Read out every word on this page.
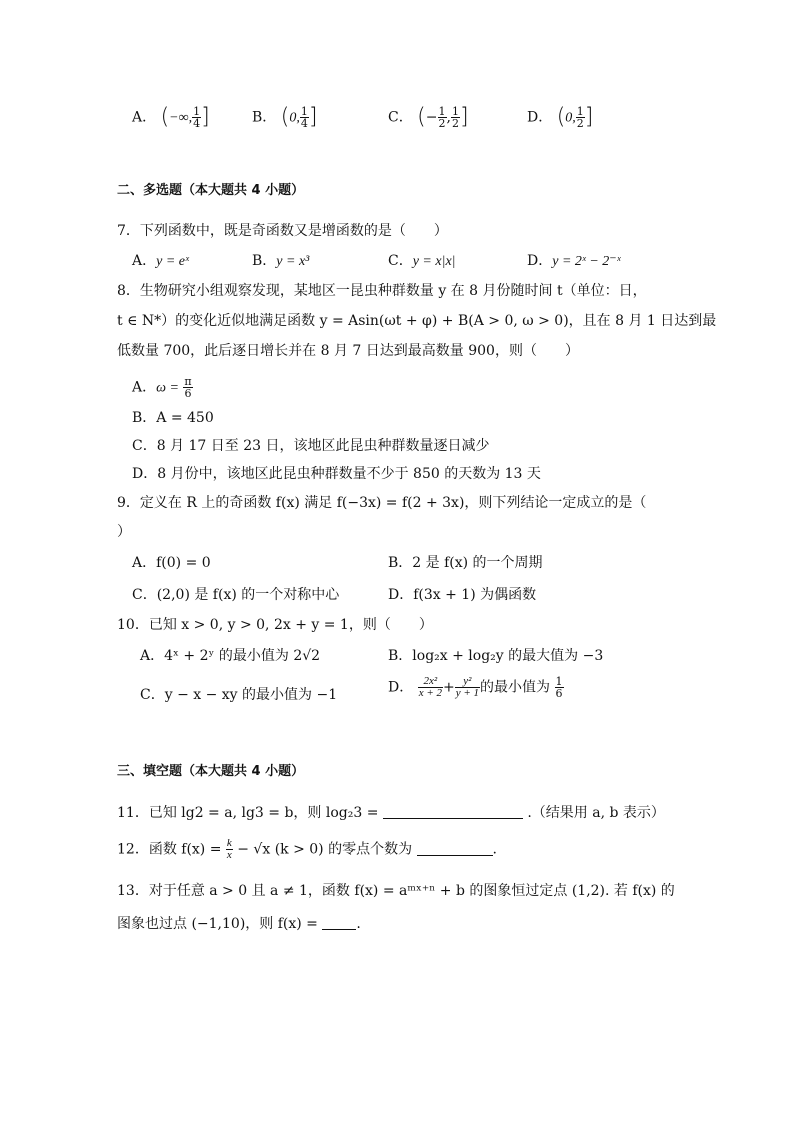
A． (−∞, $\frac{1}{4}$ ]	B． (0, $\frac{1}{4}$ ]	C． (− $\frac{1}{2}$ , $\frac{1}{2}$ ]	D． (0, $\frac{1}{2}$ ]
二、多选题（本大题共 4 小题）
7．下列函数中，既是奇函数又是增函数的是（　　）
A．y = eˣ	B．y = x³	C．y = x|x|	D．y = 2ˣ − 2⁻ˣ
8．生物研究小组观察发现，某地区一昆虫种群数量 y 在 8 月份随时间 t（单位：日，
t ∈ N*）的变化近似地满足函数 y = Asin(ωt + φ) + B(A > 0, ω > 0)，且在 8 月 1 日达到最
低数量 700，此后逐日增长并在 8 月 7 日达到最高数量 900，则（　　）
A．$\omega = \frac{\pi}{6}$
B．A = 450
C．8 月 17 日至 23 日，该地区此昆虫种群数量逐日减少
D．8 月份中，该地区此昆虫种群数量不少于 850 的天数为 13 天
9．定义在 R 上的奇函数 f(x) 满足 f(−3x) = f(2 + 3x)，则下列结论一定成立的是（
）
A．f(0) = 0	B．2 是 f(x) 的一个周期
C．(2,0) 是 f(x) 的一个对称中心	D．f(3x + 1) 为偶函数
10．已知 x > 0, y > 0, 2x + y = 1，则（　　）
A．4ˣ + 2ʸ 的最小值为 2√2	B．log₂x + log₂y 的最大值为 −3
C．y − x − xy 的最小值为 −1	D． $\frac{\text{2x²}}{x + 2} + \frac{\text{y²}}{y + 1}$ 的最小值为 $\frac{1}{6}$
三、填空题（本大题共 4 小题）
11．已知 lg2 = a, lg3 = b，则 log₂3 =	.（结果用 a, b 表示）
12．函数 $f(x) = \frac{k}{x} - √x$ (k > 0) 的零点个数为	.
13．对于任意 a > 0 且 a ≠ 1，函数 f(x) = aᵐˣ⁺ⁿ + b 的图象恒过定点 (1,2). 若 f(x) 的
图象也过点 (−1,10)，则 f(x) =	.
